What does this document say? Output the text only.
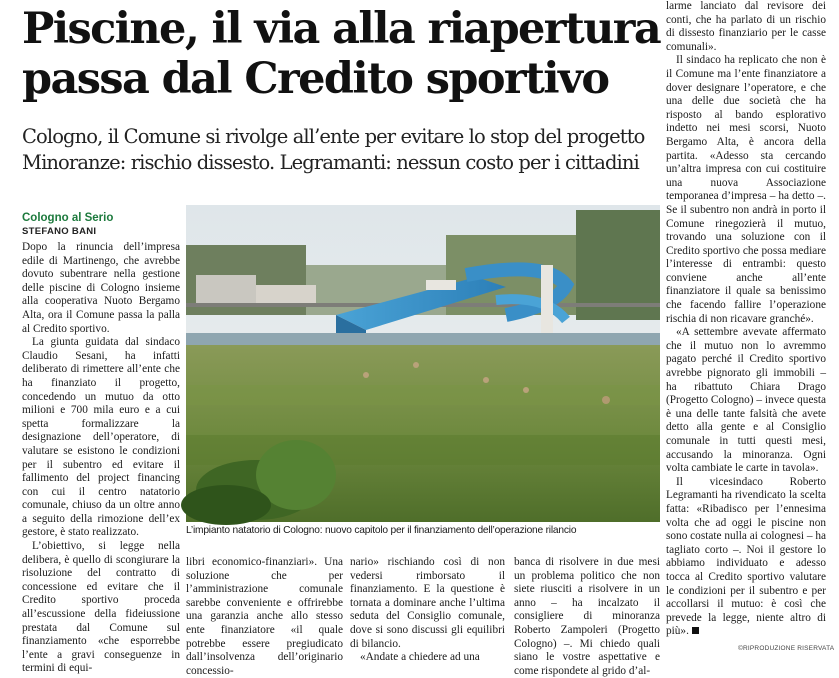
Piscine, il via alla riapertura
passa dal Credito sportivo
Cologno, il Comune si rivolge all’ente per evitare lo stop del progetto
Minoranze: rischio dissesto. Legramanti: nessun costo per i cittadini
Cologno al Serio
STEFANO BANI

Dopo la rinuncia dell’impresa edile di Martinengo, che avrebbe dovuto subentrare nella gestione delle piscine di Cologno insieme alla cooperativa Nuoto Bergamo Alta, ora il Comune passa la palla al Credito sportivo.

La giunta guidata dal sindaco Claudio Sesani, ha infatti deliberato di rimettere all’ente che ha finanziato il progetto, concedendo un mutuo da otto milioni e 700 mila euro e a cui spetta formalizzare la designazione dell’operatore, di valutare se esistono le condizioni per il subentro ed evitare il fallimento del project financing con cui il centro natatorio comunale, chiuso da un oltre anno a seguito della rimozione dell’ex gestore, è stato realizzato.

L’obiettivo, si legge nella delibera, è quello di scongiurare la risoluzione del contratto di concessione ed evitare che il Credito sportivo proceda all’escussione della fideiussione prestata dal Comune sul finanziamento «che esporrebbe l’ente a gravi conseguenze in termini di equi-

L’impianto natatorio di Cologno: nuovo capitolo per il finanziamento dell’operazione rilancio

libri economico-finanziari». Una soluzione che per l’amministrazione comunale sarebbe conveniente e offrirebbe una garanzia anche allo stesso ente finanziatore «il quale potrebbe essere pregiudicato dall’insolvenza dell’originario concessio-

nario» rischiando così di non vedersi rimborsato il finanziamento. E la questione è tornata a dominare anche l’ultima seduta del Consiglio comunale, dove si sono discussi gli equilibri di bilancio.

«Andate a chiedere ad una

banca di risolvere in due mesi un problema politico che non siete riusciti a risolvere in un anno – ha incalzato il consigliere di minoranza Roberto Zampoleri (Progetto Cologno) –. Mi chiedo quali siano le vostre aspettative e come rispondete al grido d’al-

larme lanciato dal revisore dei conti, che ha parlato di un rischio di dissesto finanziario per le casse comunali».

Il sindaco ha replicato che non è il Comune ma l’ente finanziatore a dover designare l’operatore, e che una delle due società che ha risposto al bando esplorativo indetto nei mesi scorsi, Nuoto Bergamo Alta, è ancora della partita. «Adesso sta cercando un’altra impresa con cui costituire una nuova Associazione temporanea d’impresa – ha detto –. Se il subentro non andrà in porto il Comune rinegozierà il mutuo, trovando una soluzione con il Credito sportivo che possa mediare l’interesse di entrambi: questo conviene anche all’ente finanziatore il quale sa benissimo che facendo fallire l’operazione rischia di non ricavare granché».

«A settembre avevate affermato che il mutuo non lo avremmo pagato perché il Credito sportivo avrebbe pignorato gli immobili – ha ribattuto Chiara Drago (Progetto Cologno) – invece questa è una delle tante falsità che avete detto alla gente e al Consiglio comunale in tutti questi mesi, accusando la minoranza. Ogni volta cambiate le carte in tavola».

Il vicesindaco Roberto Legramanti ha rivendicato la scelta fatta: «Ribadisco per l’ennesima volta che ad oggi le piscine non sono costate nulla ai colognesi – ha tagliato corto –. Noi il gestore lo abbiamo individuato e adesso tocca al Credito sportivo valutare le condizioni per il subentro e per accollarsi il mutuo: è così che prevede la legge, niente altro di più».

©RIPRODUZIONE RISERVATA
